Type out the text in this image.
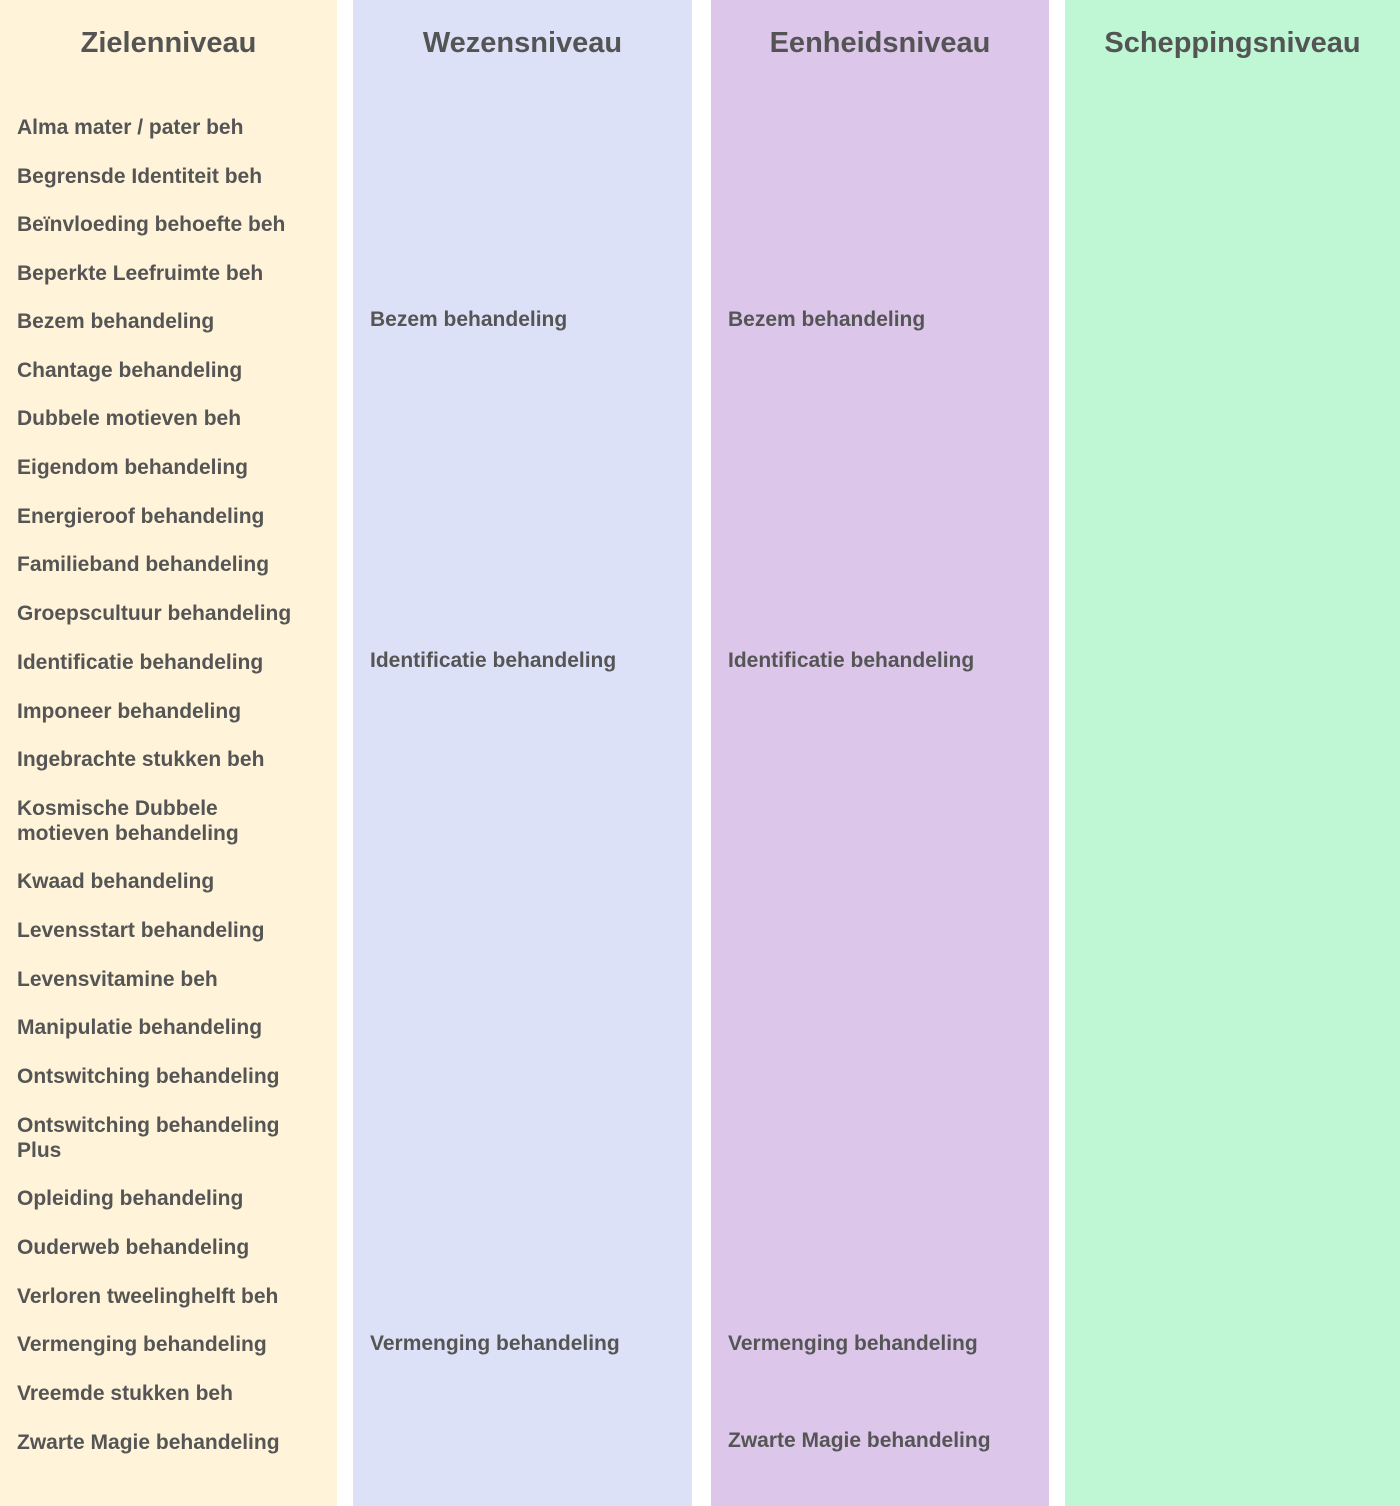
Zielenniveau
Alma mater / pater beh
Begrensde Identiteit beh
Beïnvloeding behoefte beh
Beperkte Leefruimte beh
Bezem behandeling
Chantage behandeling
Dubbele motieven beh
Eigendom behandeling
Energieroof behandeling
Familieband behandeling
Groepscultuur behandeling
Identificatie behandeling
Imponeer behandeling
Ingebrachte stukken beh
Kosmische Dubbele motieven behandeling
Kwaad behandeling
Levensstart behandeling
Levensvitamine beh
Manipulatie behandeling
Ontswitching behandeling
Ontswitching behandeling Plus
Opleiding behandeling
Ouderweb behandeling
Verloren tweelinghelft beh
Vermenging behandeling
Vreemde stukken beh
Zwarte Magie behandeling
Wezensniveau
Bezem behandeling
Identificatie behandeling
Vermenging behandeling
Eenheidsniveau
Bezem behandeling
Identificatie behandeling
Vermenging behandeling
Zwarte Magie behandeling
Scheppingsniveau
